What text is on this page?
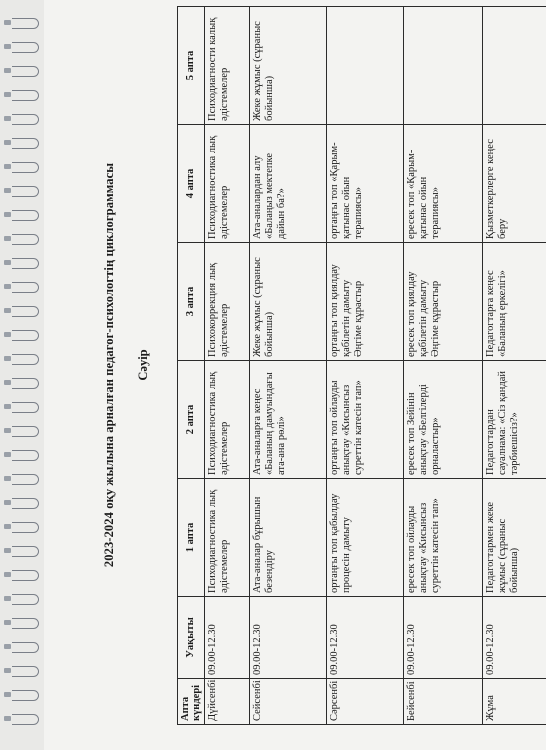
2023-2024 оқу жылына арналған педагог-психологтің циклограммасы Сәуір
Апта күндері	Уақыты	1 апта	2 апта	3 апта	4 апта	5 апта
Дүйсенбі	09.00-12.30	Психодиагностика лық әдістемелер	Психодиагностика лық әдістемелер	Психокоррекция лық әдістемелер	Психодиагностика лық әдістемелер	Психодиагности калық әдістемелер
Сейсенбі	09.00-12.30	Ата-аналар бұрышын безендіру	Ата-аналарға кеңес «Баланың дамуындағы ата-ана рөлі»	Жеке жұмыс (сұраныс бойынша)	Ата-аналардан алу «Балаңыз мектепке дайын ба?»	Жеке жұмыс (сұраныс бойынша)
Сәрсенбі	09.00-12.30	ортаңғы топ қабылдау процесін дамыту	ортаңғы топ ойлауды анықтау «Кисынсыз суреттін катесін тап»	ортаңғы топ қиялдау қабілетін дамыту Әңгіме құрастыр	ортаңғы топ «Қарым-қатынас ойын терапиясы»	
Бейсенбі	09.00-12.30	ересек топ ойлауды анықтау «Кисынсыз суреттін катесін тап»	ересек топ Зейінін анықтау «Белгілерді орналастыр»	ересек топ қиялдау қабілетін дамыту Әңгіме құрастыр	ересек топ «Қарым-қатынас ойын терапиясы»	
Жұма	09.00-12.30	Педагогтармен жеке жұмыс (сұраныс бойынша)	Педагогтардан сауалнама: «Сіз қандай тәрбиешісіз?»	Педагогтарға кеңес «Баланың еркелігі»	Қызметкерлерге кеңес беру	
